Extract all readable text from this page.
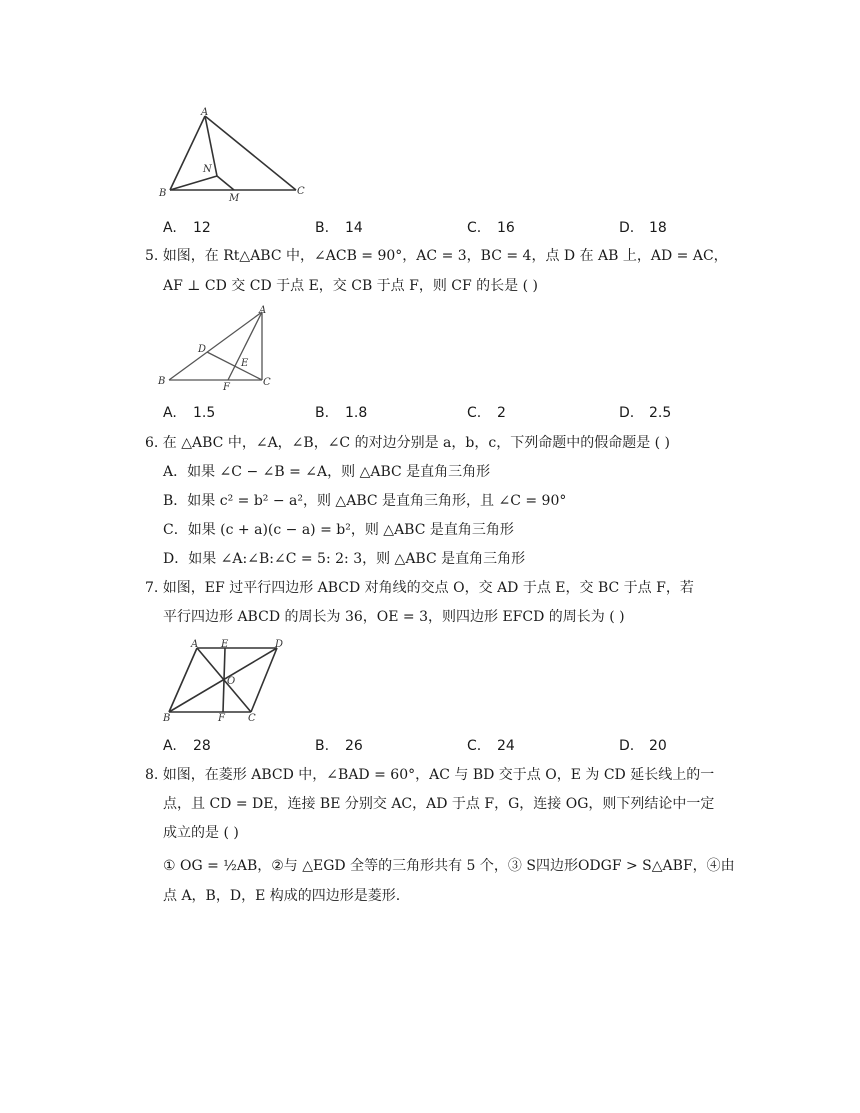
A
N
B	M
C
A. 12	B. 14	C. 16	D. 18
5. 如图，在 Rt△ABC 中，∠ACB = 90°，AC = 3，BC = 4，点 D 在 AB 上，AD = AC，
AF ⊥ CD 交 CD 于点 E，交 CB 于点 F，则 CF 的长是 ( )
A
D
E
B
F	C
A. 1.5	B. 1.8	C. 2	D. 2.5
6. 在 △ABC 中，∠A，∠B，∠C 的对边分别是 a，b，c，下列命题中的假命题是 ( )
A．如果 ∠C − ∠B = ∠A，则 △ABC 是直角三角形
B．如果 c² = b² − a²，则 △ABC 是直角三角形，且 ∠C = 90°
C．如果 (c + a)(c − a) = b²，则 △ABC 是直角三角形
D．如果 ∠A:∠B:∠C = 5: 2: 3，则 △ABC 是直角三角形
7. 如图，EF 过平行四边形 ABCD 对角线的交点 O，交 AD 于点 E，交 BC 于点 F，若
平行四边形 ABCD 的周长为 36，OE = 3，则四边形 EFCD 的周长为 ( )
A E	D
O
B	F C
A. 28	B. 26	C. 24	D. 20
8. 如图，在菱形 ABCD 中，∠BAD = 60°，AC 与 BD 交于点 O，E 为 CD 延长线上的一
点，且 CD = DE，连接 BE 分别交 AC，AD 于点 F，G，连接 OG，则下列结论中一定
成立的是 ( )
① OG = ½AB，②与 △EGD 全等的三角形共有 5 个，③ S四边形ODGF > S△ABF，④由
点 A，B，D，E 构成的四边形是菱形.
